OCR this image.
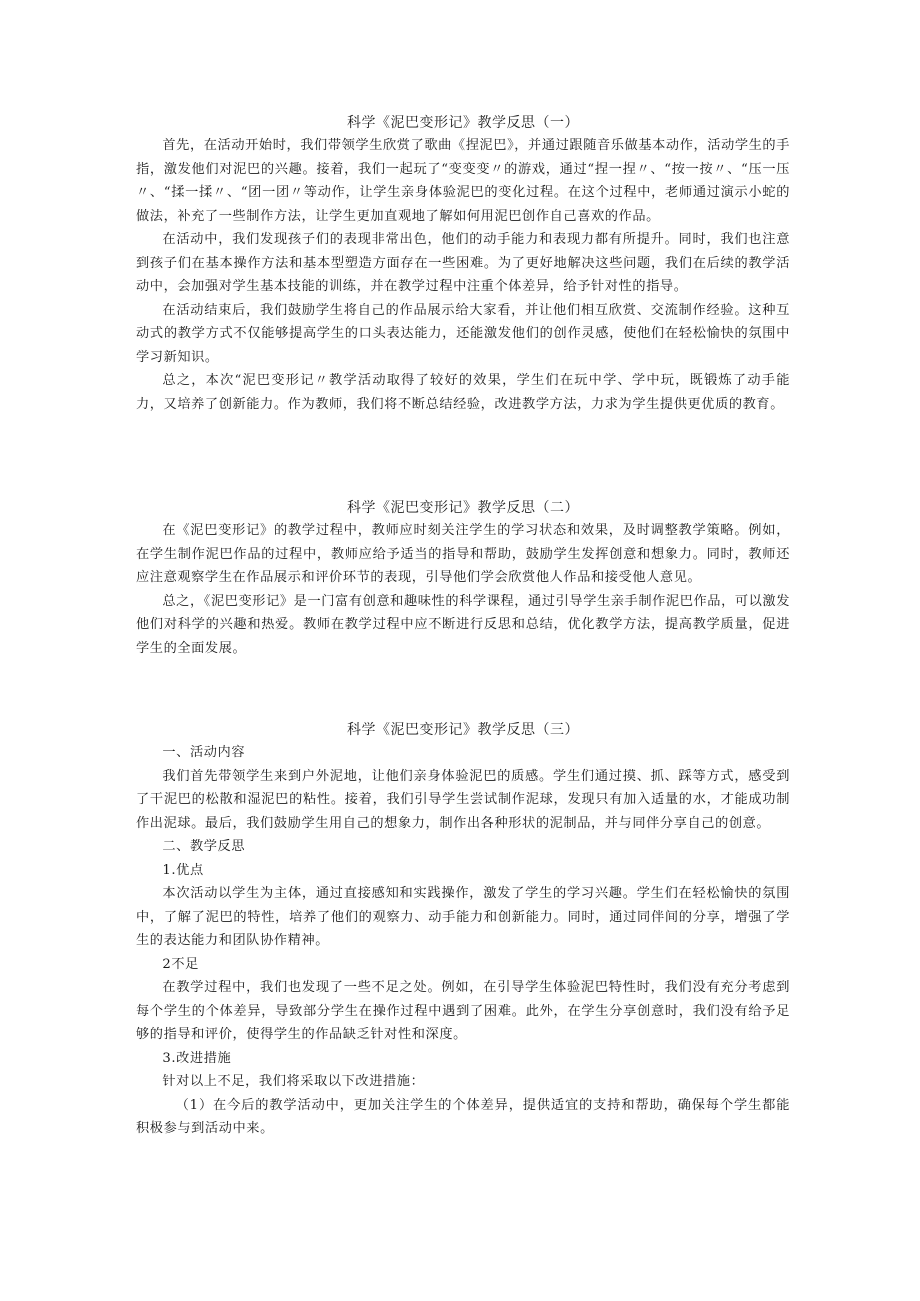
科学《泥巴变形记》教学反思（一）

首先，在活动开始时，我们带领学生欣赏了歌曲《捏泥巴》，并通过跟随音乐做基本动作，活动学生的手指，激发他们对泥巴的兴趣。接着，我们一起玩了“变变变〃的游戏，通过“捏一捏〃、“按一按〃、“压一压〃、“揉一揉〃、“团一团〃等动作，让学生亲身体验泥巴的变化过程。在这个过程中，老师通过演示小蛇的做法，补充了一些制作方法，让学生更加直观地了解如何用泥巴创作自己喜欢的作品。

在活动中，我们发现孩子们的表现非常出色，他们的动手能力和表现力都有所提升。同时，我们也注意到孩子们在基本操作方法和基本型塑造方面存在一些困难。为了更好地解决这些问题，我们在后续的教学活动中，会加强对学生基本技能的训练，并在教学过程中注重个体差异，给予针对性的指导。

在活动结束后，我们鼓励学生将自己的作品展示给大家看，并让他们相互欣赏、交流制作经验。这种互动式的教学方式不仅能够提高学生的口头表达能力，还能激发他们的创作灵感，使他们在轻松愉快的氛围中学习新知识。

总之，本次“泥巴变形记〃教学活动取得了较好的效果，学生们在玩中学、学中玩，既锻炼了动手能力，又培养了创新能力。作为教师，我们将不断总结经验，改进教学方法，力求为学生提供更优质的教育。

科学《泥巴变形记》教学反思（二）

在《泥巴变形记》的教学过程中，教师应时刻关注学生的学习状态和效果，及时调整教学策略。例如，在学生制作泥巴作品的过程中，教师应给予适当的指导和帮助，鼓励学生发挥创意和想象力。同时，教师还应注意观察学生在作品展示和评价环节的表现，引导他们学会欣赏他人作品和接受他人意见。

总之，《泥巴变形记》是一门富有创意和趣味性的科学课程，通过引导学生亲手制作泥巴作品，可以激发他们对科学的兴趣和热爱。教师在教学过程中应不断进行反思和总结，优化教学方法，提高教学质量，促进学生的全面发展。

科学《泥巴变形记》教学反思（三）

一、活动内容

我们首先带领学生来到户外泥地，让他们亲身体验泥巴的质感。学生们通过摸、抓、踩等方式，感受到了干泥巴的松散和湿泥巴的粘性。接着，我们引导学生尝试制作泥球，发现只有加入适量的水，才能成功制作出泥球。最后，我们鼓励学生用自己的想象力，制作出各种形状的泥制品，并与同伴分享自己的创意。

二、教学反思

1.优点

本次活动以学生为主体，通过直接感知和实践操作，激发了学生的学习兴趣。学生们在轻松愉快的氛围中，了解了泥巴的特性，培养了他们的观察力、动手能力和创新能力。同时，通过同伴间的分享，增强了学生的表达能力和团队协作精神。

2不足

在教学过程中，我们也发现了一些不足之处。例如，在引导学生体验泥巴特性时，我们没有充分考虑到每个学生的个体差异，导致部分学生在操作过程中遇到了困难。此外，在学生分享创意时，我们没有给予足够的指导和评价，使得学生的作品缺乏针对性和深度。

3.改进措施

针对以上不足，我们将采取以下改进措施：

（1）在今后的教学活动中，更加关注学生的个体差异，提供适宜的支持和帮助，确保每个学生都能积极参与到活动中来。
